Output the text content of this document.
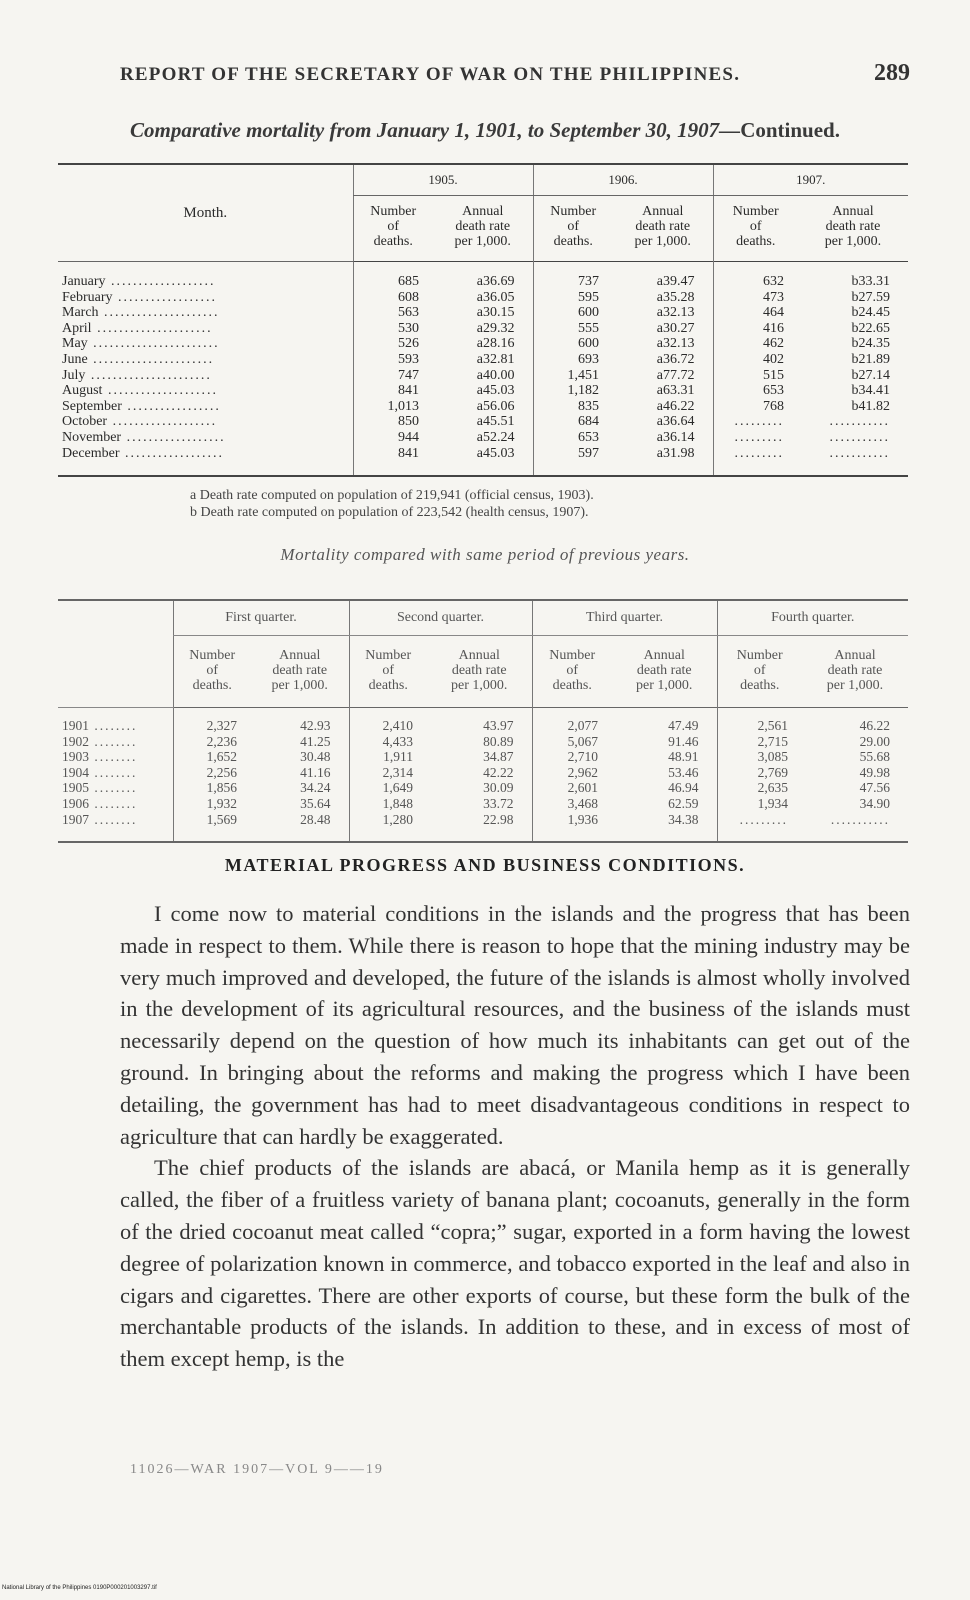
REPORT OF THE SECRETARY OF WAR ON THE PHILIPPINES.	289
Comparative mortality from January 1, 1901, to September 30, 1907—Continued.
Month.	1905.		1906.		1907.	
	Number
of
deaths.	Annual
death rate
per 1,000.	Number
of
deaths.	Annual
death rate
per 1,000.	Number
of
deaths.	Annual
death rate
per 1,000.
January ...................	685	a36.69	737	a39.47	632	b33.31
February ..................	608	a36.05	595	a35.28	473	b27.59
March .....................	563	a30.15	600	a32.13	464	b24.45
April .....................	530	a29.32	555	a30.27	416	b22.65
May .......................	526	a28.16	600	a32.13	462	b24.35
June ......................	593	a32.81	693	a36.72	402	b21.89
July ......................	747	a40.00	1,451	a77.72	515	b27.14
August ....................	841	a45.03	1,182	a63.31	653	b34.41
September .................	1,013	a56.06	835	a46.22	768	b41.82
October ...................	850	a45.51	684	a36.64	.........	...........
November ..................	944	a52.24	653	a36.14	.........	...........
December ..................	841	a45.03	597	a31.98	.........	...........
a Death rate computed on population of 219,941 (official census, 1903).
b Death rate computed on population of 223,542 (health census, 1907).
Mortality compared with same period of previous years.
	First quarter.		Second quarter.		Third quarter.		Fourth quarter.	
	Number
of
deaths.	Annual
death rate
per 1,000.	Number
of
deaths.	Annual
death rate
per 1,000.	Number
of
deaths.	Annual
death rate
per 1,000.	Number
of
deaths.	Annual
death rate
per 1,000.
1901 ........	2,327	42.93	2,410	43.97	2,077	47.49	2,561	46.22
1902 ........	2,236	41.25	4,433	80.89	5,067	91.46	2,715	29.00
1903 ........	1,652	30.48	1,911	34.87	2,710	48.91	3,085	55.68
1904 ........	2,256	41.16	2,314	42.22	2,962	53.46	2,769	49.98
1905 ........	1,856	34.24	1,649	30.09	2,601	46.94	2,635	47.56
1906 ........	1,932	35.64	1,848	33.72	3,468	62.59	1,934	34.90
1907 ........	1,569	28.48	1,280	22.98	1,936	34.38	.........	...........
MATERIAL PROGRESS AND BUSINESS CONDITIONS.

I come now to material conditions in the islands and the progress that has been made in respect to them. While there is reason to hope that the mining industry may be very much improved and developed, the future of the islands is almost wholly involved in the development of its agricultural resources, and the business of the islands must necessarily depend on the question of how much its inhabitants can get out of the ground. In bringing about the reforms and making the progress which I have been detailing, the government has had to meet disadvantageous conditions in respect to agriculture that can hardly be exaggerated.

The chief products of the islands are abacá, or Manila hemp as it is generally called, the fiber of a fruitless variety of banana plant; cocoanuts, generally in the form of the dried cocoanut meat called “copra;” sugar, exported in a form having the lowest degree of polarization known in commerce, and tobacco exported in the leaf and also in cigars and cigarettes. There are other exports of course, but these form the bulk of the merchantable products of the islands. In addition to these, and in excess of most of them except hemp, is the

11026—WAR 1907—VOL 9——19
National Library of the Philippines 0190P000201003297.tif
